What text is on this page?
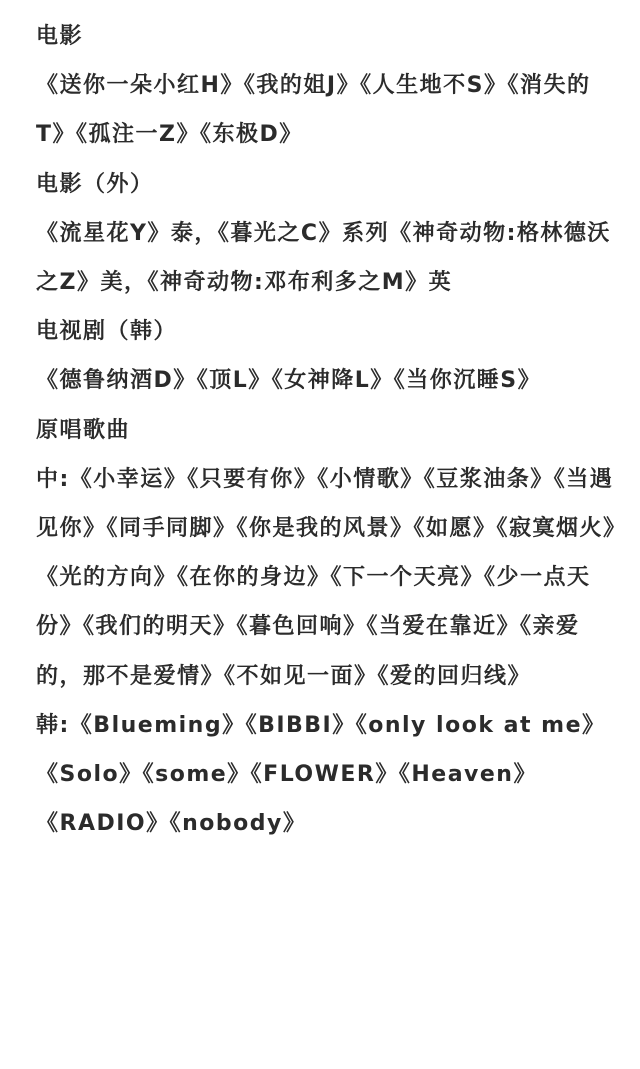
电影
《送你一朵小红H》《我的姐J》《人生地不S》《消失的T》《孤注一Z》《东极D》
电影（外）
《流星花Y》泰，《暮光之C》系列《神奇动物:格林德沃之Z》美，《神奇动物:邓布利多之M》英
电视剧（韩）
《德鲁纳酒D》《顶L》《女神降L》《当你沉睡S》
原唱歌曲
中:《小幸运》《只要有你》《小情歌》《豆浆油条》《当遇见你》《同手同脚》《你是我的风景》《如愿》《寂寞烟火》《光的方向》《在你的身边》《下一个天亮》《少一点天份》《我们的明天》《暮色回响》《当爱在靠近》《亲爱的，那不是爱情》《不如见一面》《爱的回归线》
韩:《Blueming》《BIBBI》《only look at me》《Solo》《some》《FLOWER》《Heaven》《RADIO》《nobody》
